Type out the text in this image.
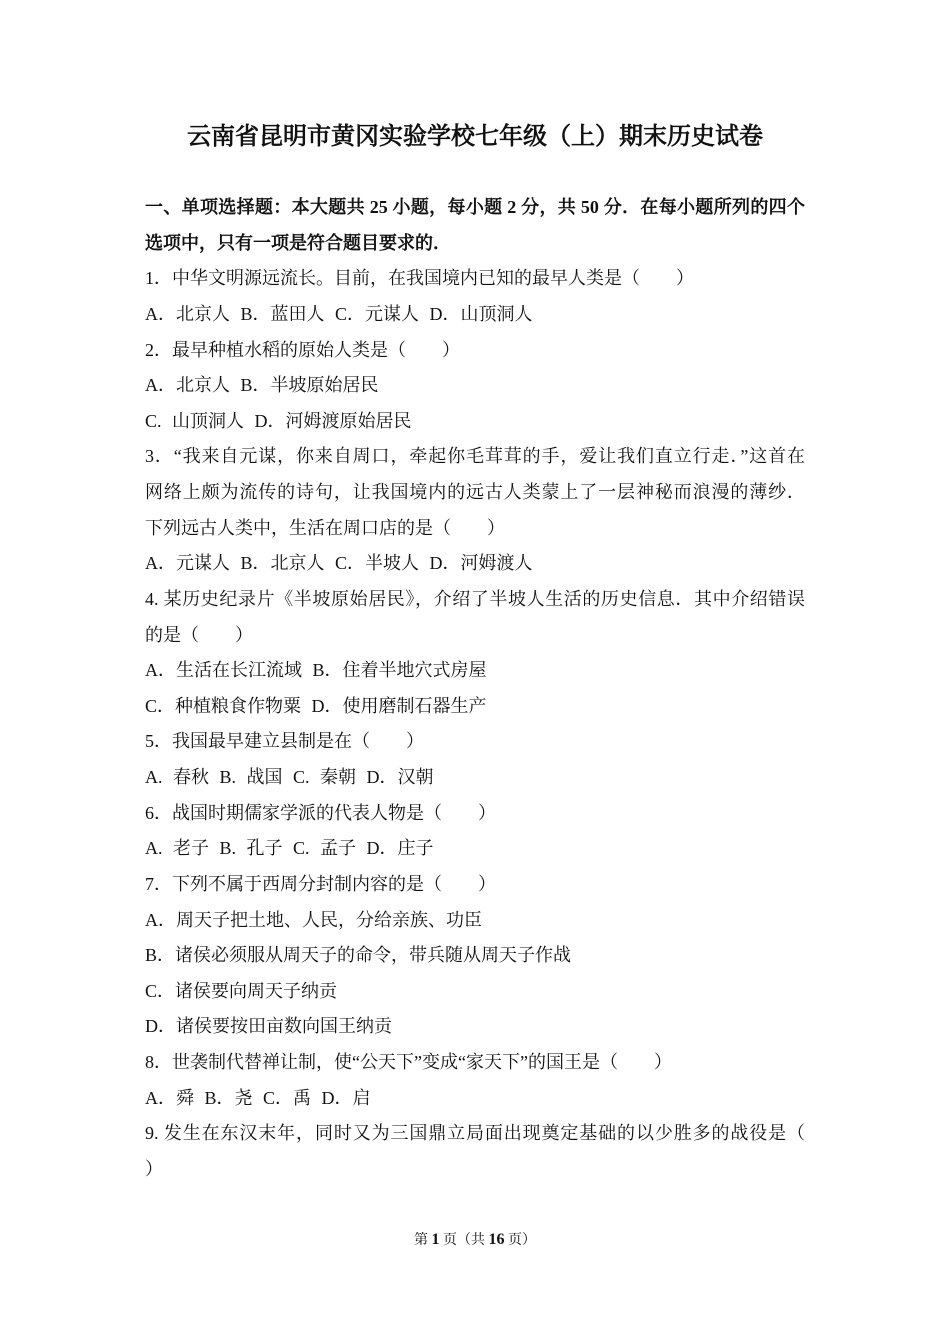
云南省昆明市黄冈实验学校七年级（上）期末历史试卷
一、单项选择题：本大题共 25 小题，每小题 2 分，共 50 分．在每小题所列的四个
选项中，只有一项是符合题目要求的．
1．中华文明源远流长。目前，在我国境内已知的最早人类是（　　）
A．北京人 B．蓝田人 C．元谋人 D．山顶洞人
2．最早种植水稻的原始人类是（　　）
A．北京人 B．半坡原始居民
C. 山顶洞人 D．河姆渡原始居民
3．“我来自元谋，你来自周口，牵起你毛茸茸的手，爱让我们直立行走．”这首在
网络上颇为流传的诗句，让我国境内的远古人类蒙上了一层神秘而浪漫的薄纱．
下列远古人类中，生活在周口店的是（　　）
A．元谋人 B．北京人 C．半坡人 D．河姆渡人
4. 某历史纪录片《半坡原始居民》，介绍了半坡人生活的历史信息．其中介绍错误
的是（　　）
A．生活在长江流域 B．住着半地穴式房屋
C．种植粮食作物粟 D．使用磨制石器生产
5．我国最早建立县制是在（　　）
A. 春秋 B. 战国 C. 秦朝 D．汉朝
6．战国时期儒家学派的代表人物是（　　）
A. 老子 B. 孔子 C. 孟子 D．庄子
7．下列不属于西周分封制内容的是（　　）
A．周天子把土地、人民，分给亲族、功臣
B．诸侯必须服从周天子的命令，带兵随从周天子作战
C．诸侯要向周天子纳贡
D．诸侯要按田亩数向国王纳贡
8．世袭制代替禅让制，使“公天下”变成“家天下”的国王是（　　）
A．舜 B．尧 C．禹 D．启
9. 发生在东汉末年，同时又为三国鼎立局面出现奠定基础的以少胜多的战役是（
）
第 1 页（共 16 页）
